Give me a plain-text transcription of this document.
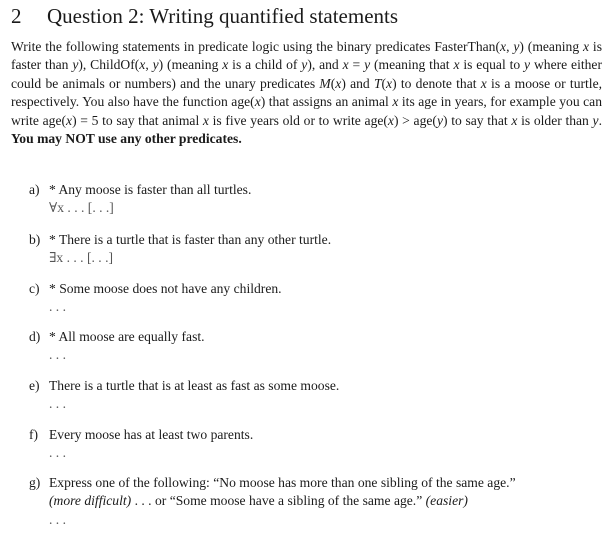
2 Question 2: Writing quantified statements
Write the following statements in predicate logic using the binary predicates FasterThan(x, y) (meaning x is faster than y), ChildOf(x, y) (meaning x is a child of y), and x = y (meaning that x is equal to y where either could be animals or numbers) and the unary predicates M(x) and T(x) to denote that x is a moose or turtle, respectively. You also have the function age(x) that assigns an animal x its age in years, for example you can write age(x) = 5 to say that animal x is five years old or to write age(x) > age(y) to say that x is older than y. You may NOT use any other predicates.
a) * Any moose is faster than all turtles.
∀x . . . [. . .]
b) * There is a turtle that is faster than any other turtle.
∃x . . . [. . .]
c) * Some moose does not have any children.
. . .
d) * All moose are equally fast.
. . .
e) There is a turtle that is at least as fast as some moose.
. . .
f) Every moose has at least two parents.
. . .
g) Express one of the following: “No moose has more than one sibling of the same age.”
(more difficult) . . . or “Some moose have a sibling of the same age.” (easier)
. . .
